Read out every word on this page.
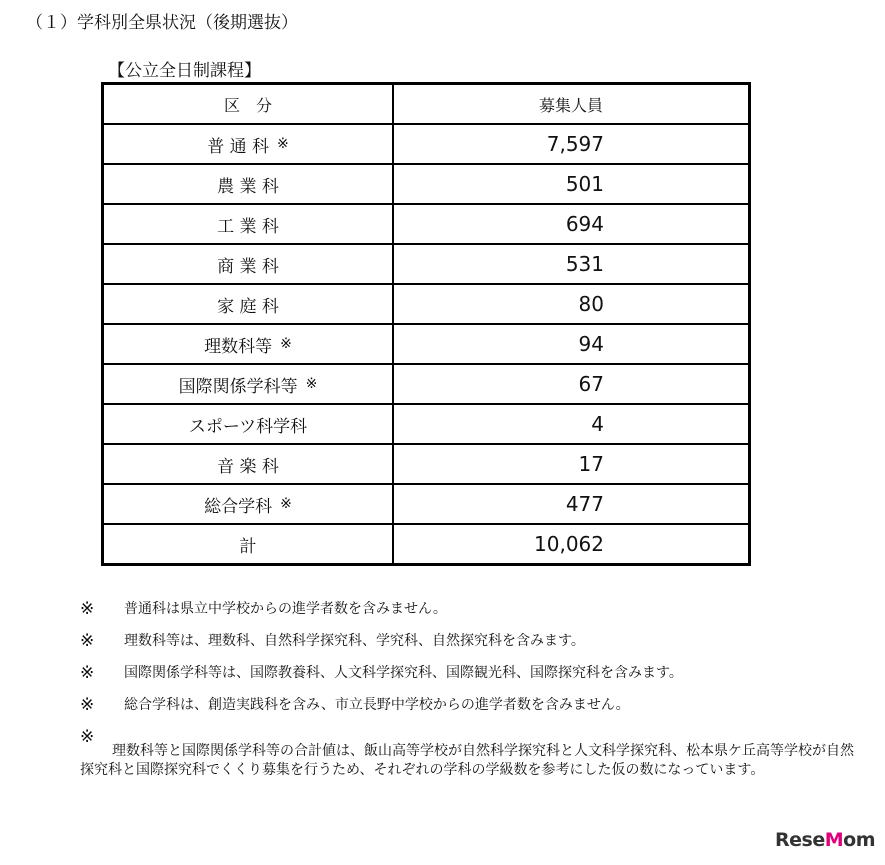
（１）学科別全県状況（後期選抜）
【公立全日制課程】
区　分	募集人員
普 通 科 ※	7,597
農 業 科	501
工 業 科	694
商 業 科	531
家 庭 科	80
理数科等 ※	94
国際関係学科等 ※	67
スポーツ科学科	4
音 楽 科	17
総合学科 ※	477
計	10,062
※	普通科は県立中学校からの進学者数を含みません。
※	理数科等は、理数科、自然科学探究科、学究科、自然探究科を含みます。
※	国際関係学科等は、国際教養科、人文科学探究科、国際観光科、国際探究科を含みます。
※	総合学科は、創造実践科を含み、市立長野中学校からの進学者数を含みません。
※
理数科等と国際関係学科等の合計値は、飯山高等学校が自然科学探究科と人文科学探究科、松本県ケ丘高等学校が自然探究科と国際探究科でくくり募集を行うため、それぞれの学科の学級数を参考にした仮の数になっています。
ReseMom
